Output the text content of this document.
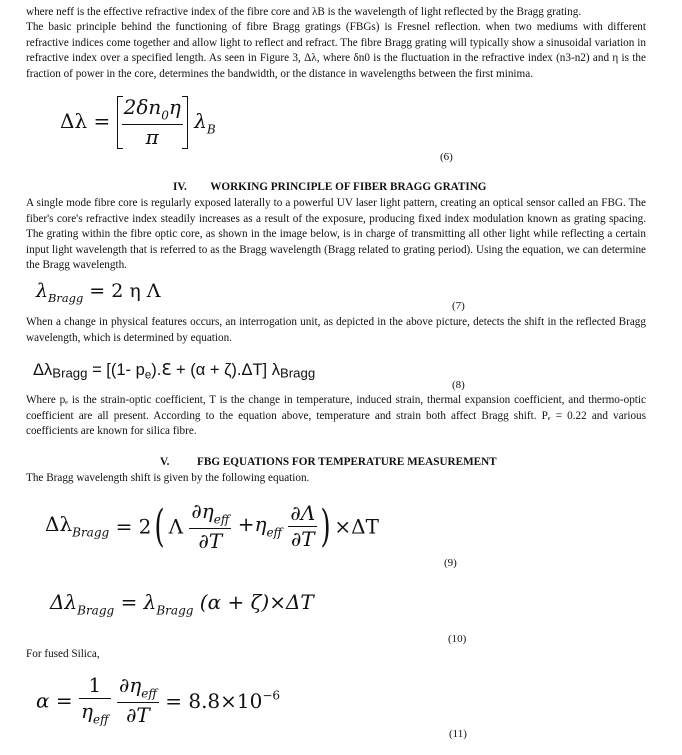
where neff is the effective refractive index of the fibre core and λB is the wavelength of light reflected by the Bragg grating.

The basic principle behind the functioning of fibre Bragg gratings (FBGs) is Fresnel reflection. when two mediums with different refractive indices come together and allow light to reflect and refract. The fibre Bragg grating will typically show a sinusoidal variation in refractive index over a specified length. As seen in Figure 3, Δλ, where δn0 is the fluctuation in the refractive index (n3-n2) and η is the fraction of power in the core, determines the bandwidth, or the distance in wavelengths between the first minima.

$\Delta\lambda = \frac{2\delta n_0\eta}{\pi} \lambda_B$
(6)
IV. WORKING PRINCIPLE OF FIBER BRAGG GRATING

A single mode fibre core is regularly exposed laterally to a powerful UV laser light pattern, creating an optical sensor called an FBG. The fiber's core's refractive index steadily increases as a result of the exposure, producing fixed index modulation known as grating spacing. The grating within the fibre optic core, as shown in the image below, is in charge of transmitting all other light while reflecting a certain input light wavelength that is referred to as the Bragg wavelength (Bragg related to grating period). Using the equation, we can determine the Bragg wavelength.

$\lambda_{Bragg} = 2$ η Λ
(7)

When a change in physical features occurs, an interrogation unit, as depicted in the above picture, detects the shift in the reflected Bragg wavelength, which is determined by equation.

ΔλBragg = [(1- $p_e).ℇ + (\alpha + \zeta).\Delta T$] λBragg
(8)

Where pₑ is the strain-optic coefficient, T is the change in temperature, induced strain, thermal expansion coefficient, and thermo-optic coefficient are all present. According to the equation above, temperature and strain both affect Bragg shift. Pₑ = 0.22 and various coefficients are known for silica fibre.

V. FBG EQUATIONS FOR TEMPERATURE MEASUREMENT

The Bragg wavelength shift is given by the following equation.

$\Delta\lambda_{Bragg} = 2$( Λ $\frac{\partial\eta_{eff}}{\partial T} +\eta_{eff} \frac{\partial\Lambda}{\partial T}$ ) ×ΔT
(9)
$\Delta\lambda_{Bragg} = \lambda_{Bragg}$ (α + ζ)×ΔT
(10)

For fused Silica,

$\alpha = \frac{1}{\eta_{eff}}$
$\frac{\partial\eta_{eff}}{\partial T} = 8.8\times 10^{-6}$
(11)
